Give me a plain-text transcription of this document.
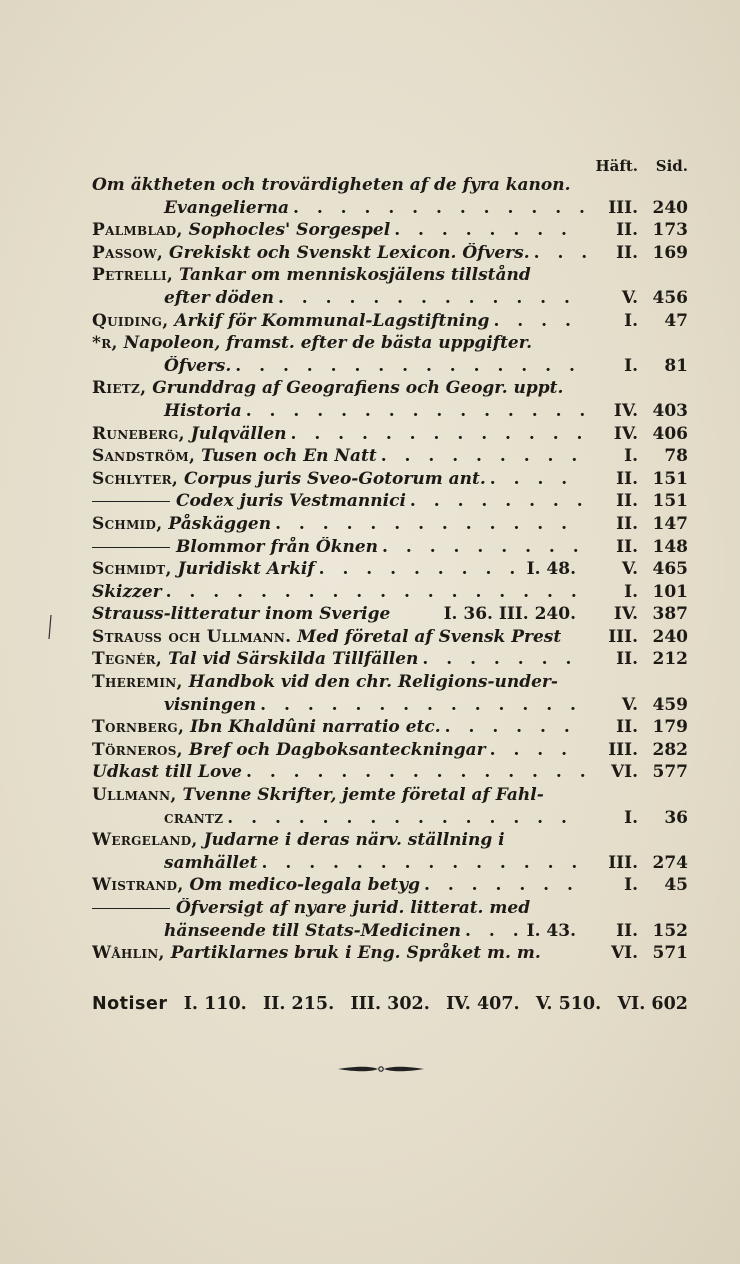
Häft.	Sid.
Om äktheten och trovärdigheten af de fyra kanon.
Evangelierna . . .	III. 240
Palmblad, Sophocles' Sorgespel . . .	II. 173
Passow, Grekiskt och Svenskt Lexicon. Öfvers. . . .	II. 169
Petrelli, Tankar om menniskosjälens tillstånd
efter döden . . .	V. 456
Quiding, Arkif för Kommunal-Lagstiftning . . .	I.	47
*r, Napoleon, framst. efter de bästa uppgifter.
Öfvers. . . .	I.	81
Rietz, Grunddrag af Geografiens och Geogr. uppt.
Historia . . .	IV. 403
Runeberg, Julqvällen . . .	IV. 406
Sandström, Tusen och En Natt . . .	I.	78
Schlyter, Corpus juris Sveo-Gotorum ant. . . .	II. 151
Codex juris Vestmannici . . .	II. 151
Schmid, Påskäggen . . .	II. 147
Blommor från Öknen . . .	II. 148
Schmidt, Juridiskt Arkif . . .	I. 48.	V. 465
Skizzer . . .	I. 101
Strauss-litteratur inom Sverige	I. 36. III. 240.	IV. 387
Strauss och Ullmann. Med företal af Svensk Prest	III. 240
Tegnér, Tal vid Särskilda Tillfällen . . .	II. 212
Theremin, Handbok vid den chr. Religions-under-
visningen . . .	V. 459
Tornberg, Ibn Khaldûni narratio etc. . . .	II. 179
Törneros, Bref och Dagboksanteckningar . . .	III. 282
Udkast till Love . . .	VI. 577
Ullmann, Tvenne Skrifter, jemte företal af Fahl-
crantz . . .	I.	36
Wergeland, Judarne i deras närv. ställning i
samhället . . .	III. 274
Wistrand, Om medico-legala betyg . . .	I.	45
Öfversigt af nyare jurid. litterat. med
hänseende till Stats-Medicinen . . .	I. 43.	II. 152
Wåhlin, Partiklarnes bruk i Eng. Språket m. m.	VI. 571
Notiser I. 110. II. 215. III. 302. IV. 407. V. 510. VI. 602
